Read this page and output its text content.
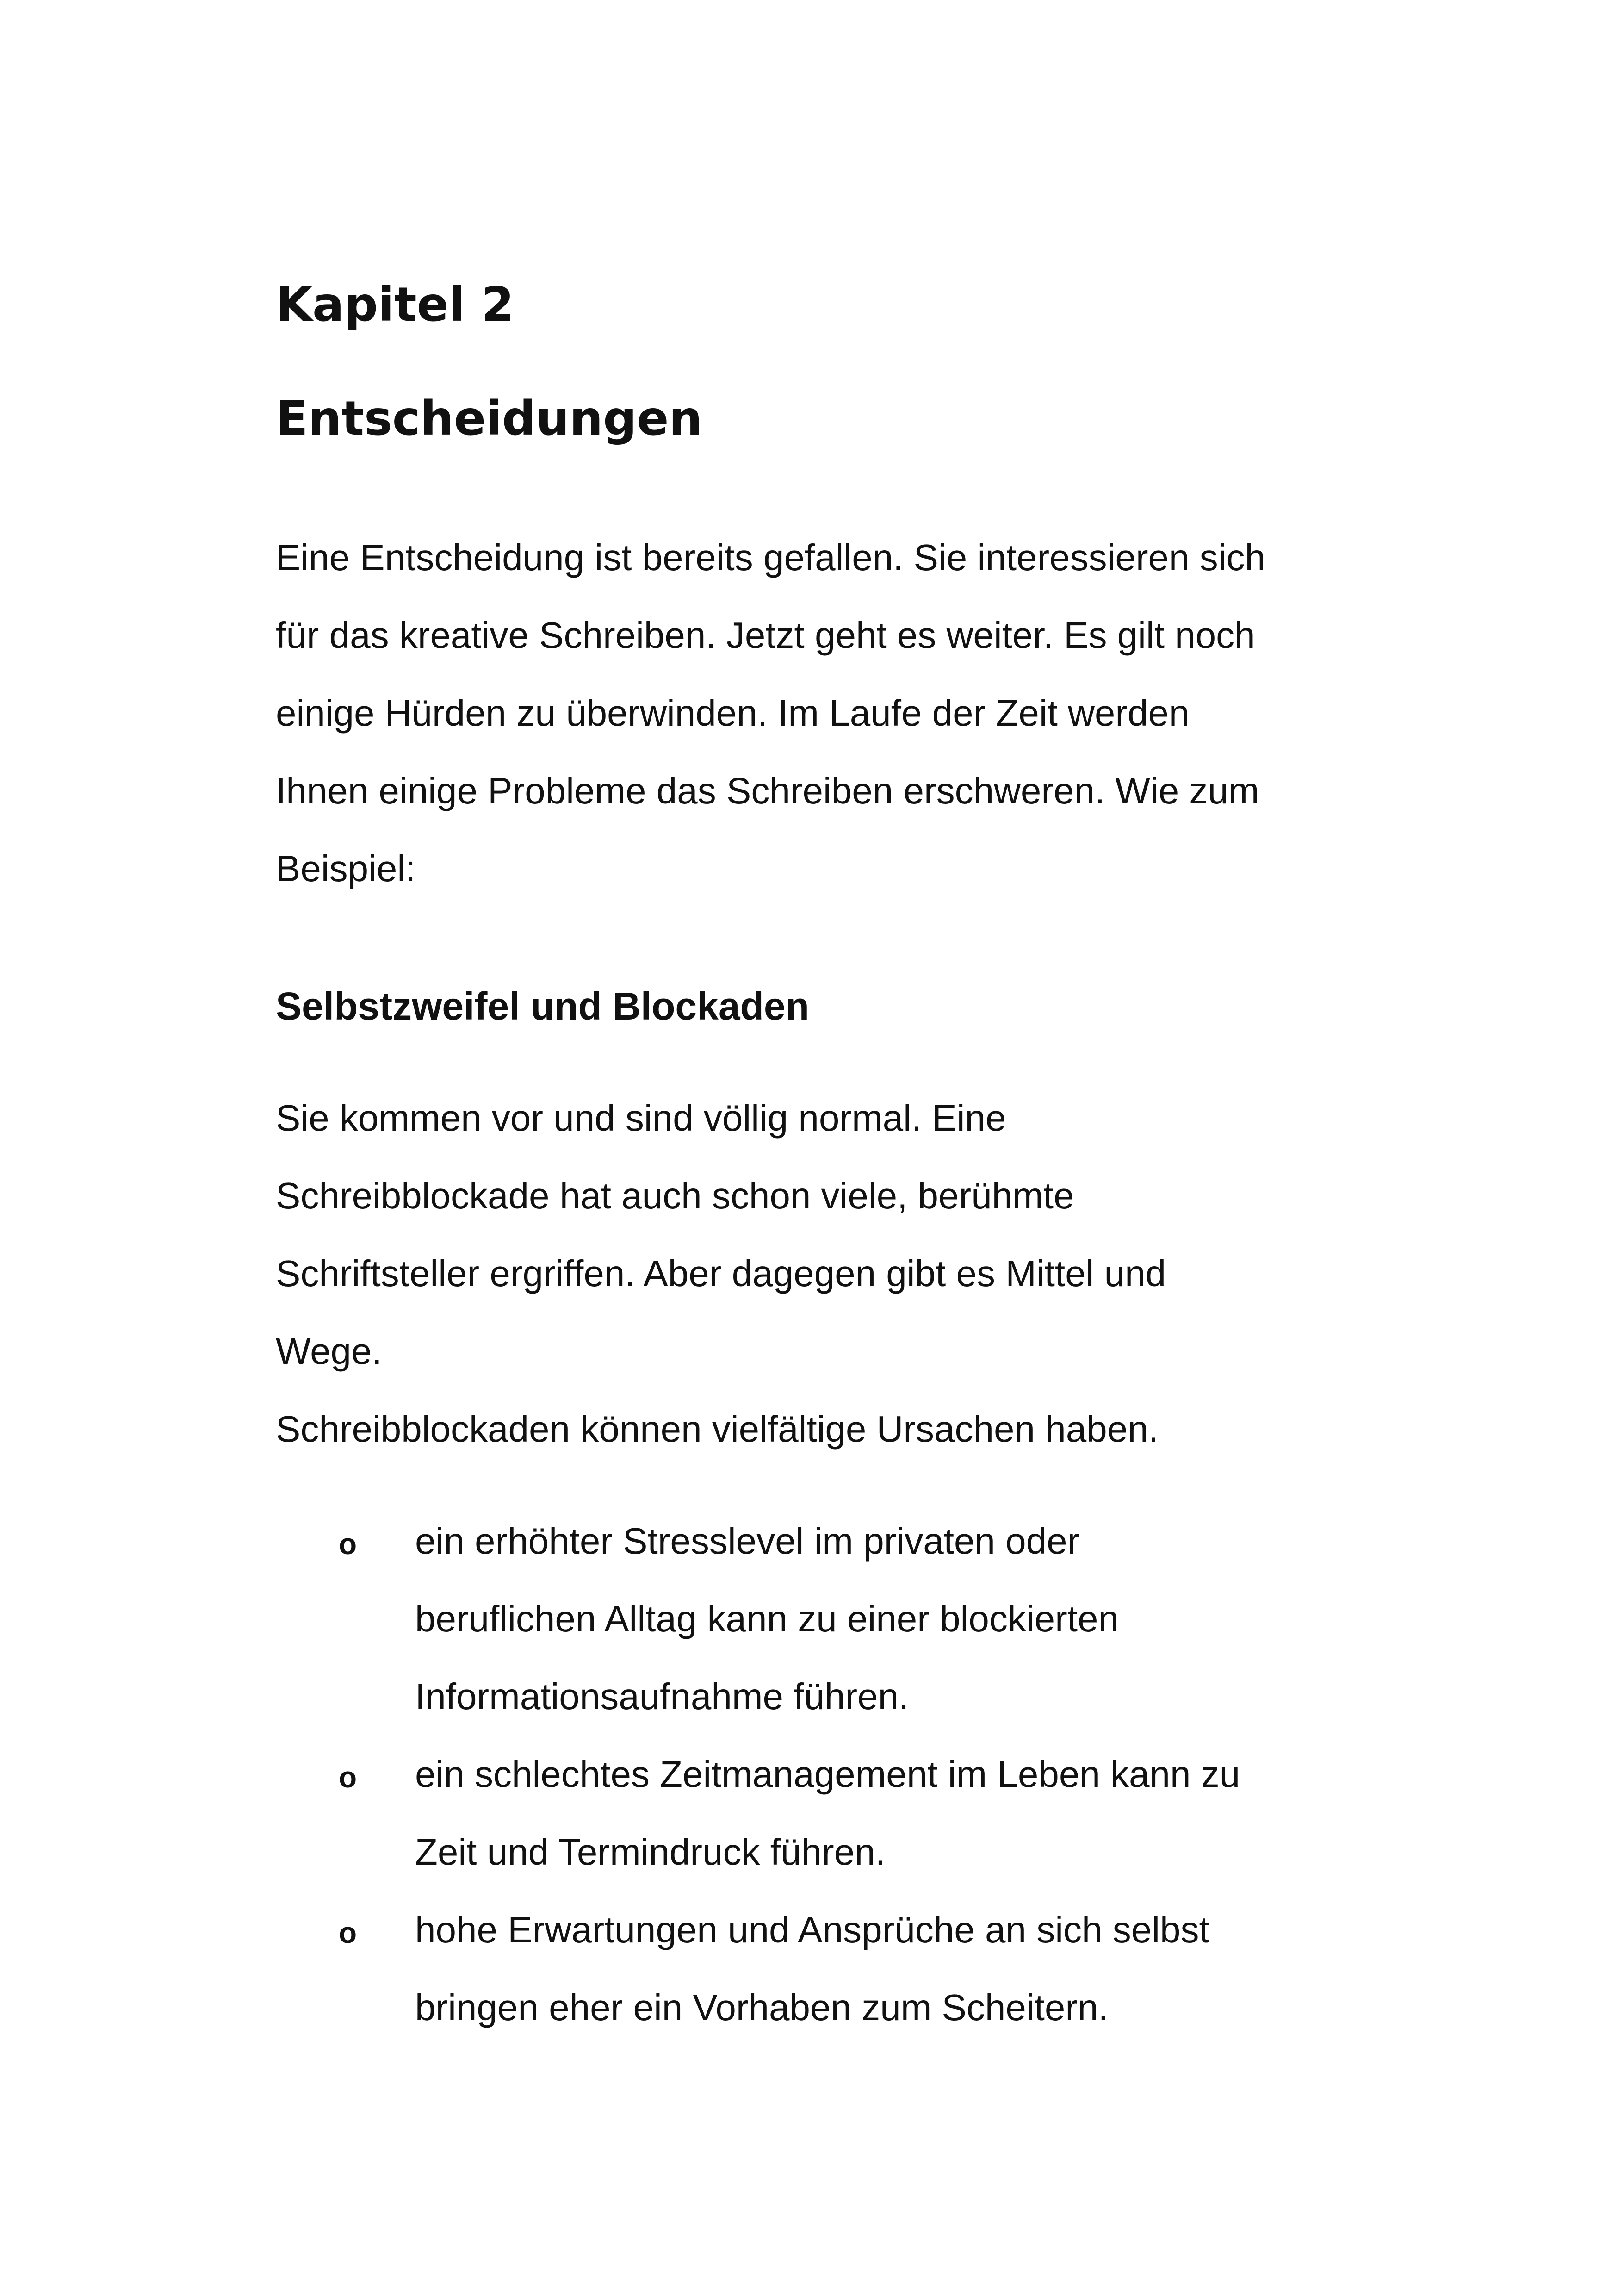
Kapitel 2
Entscheidungen

Eine Entscheidung ist bereits gefallen. Sie interessieren sich
für das kreative Schreiben. Jetzt geht es weiter. Es gilt noch
einige Hürden zu überwinden. Im Laufe der Zeit werden
Ihnen einige Probleme das Schreiben erschweren. Wie zum
Beispiel:

Selbstzweifel und Blockaden

Sie kommen vor und sind völlig normal. Eine
Schreibblockade hat auch schon viele, berühmte
Schriftsteller ergriffen. Aber dagegen gibt es Mittel und
Wege.
Schreibblockaden können vielfältige Ursachen haben.

o ein erhöhter Stresslevel im privaten oder
beruflichen Alltag kann zu einer blockierten
Informationsaufnahme führen.
o ein schlechtes Zeitmanagement im Leben kann zu
Zeit und Termindruck führen.
o hohe Erwartungen und Ansprüche an sich selbst
bringen eher ein Vorhaben zum Scheitern.
